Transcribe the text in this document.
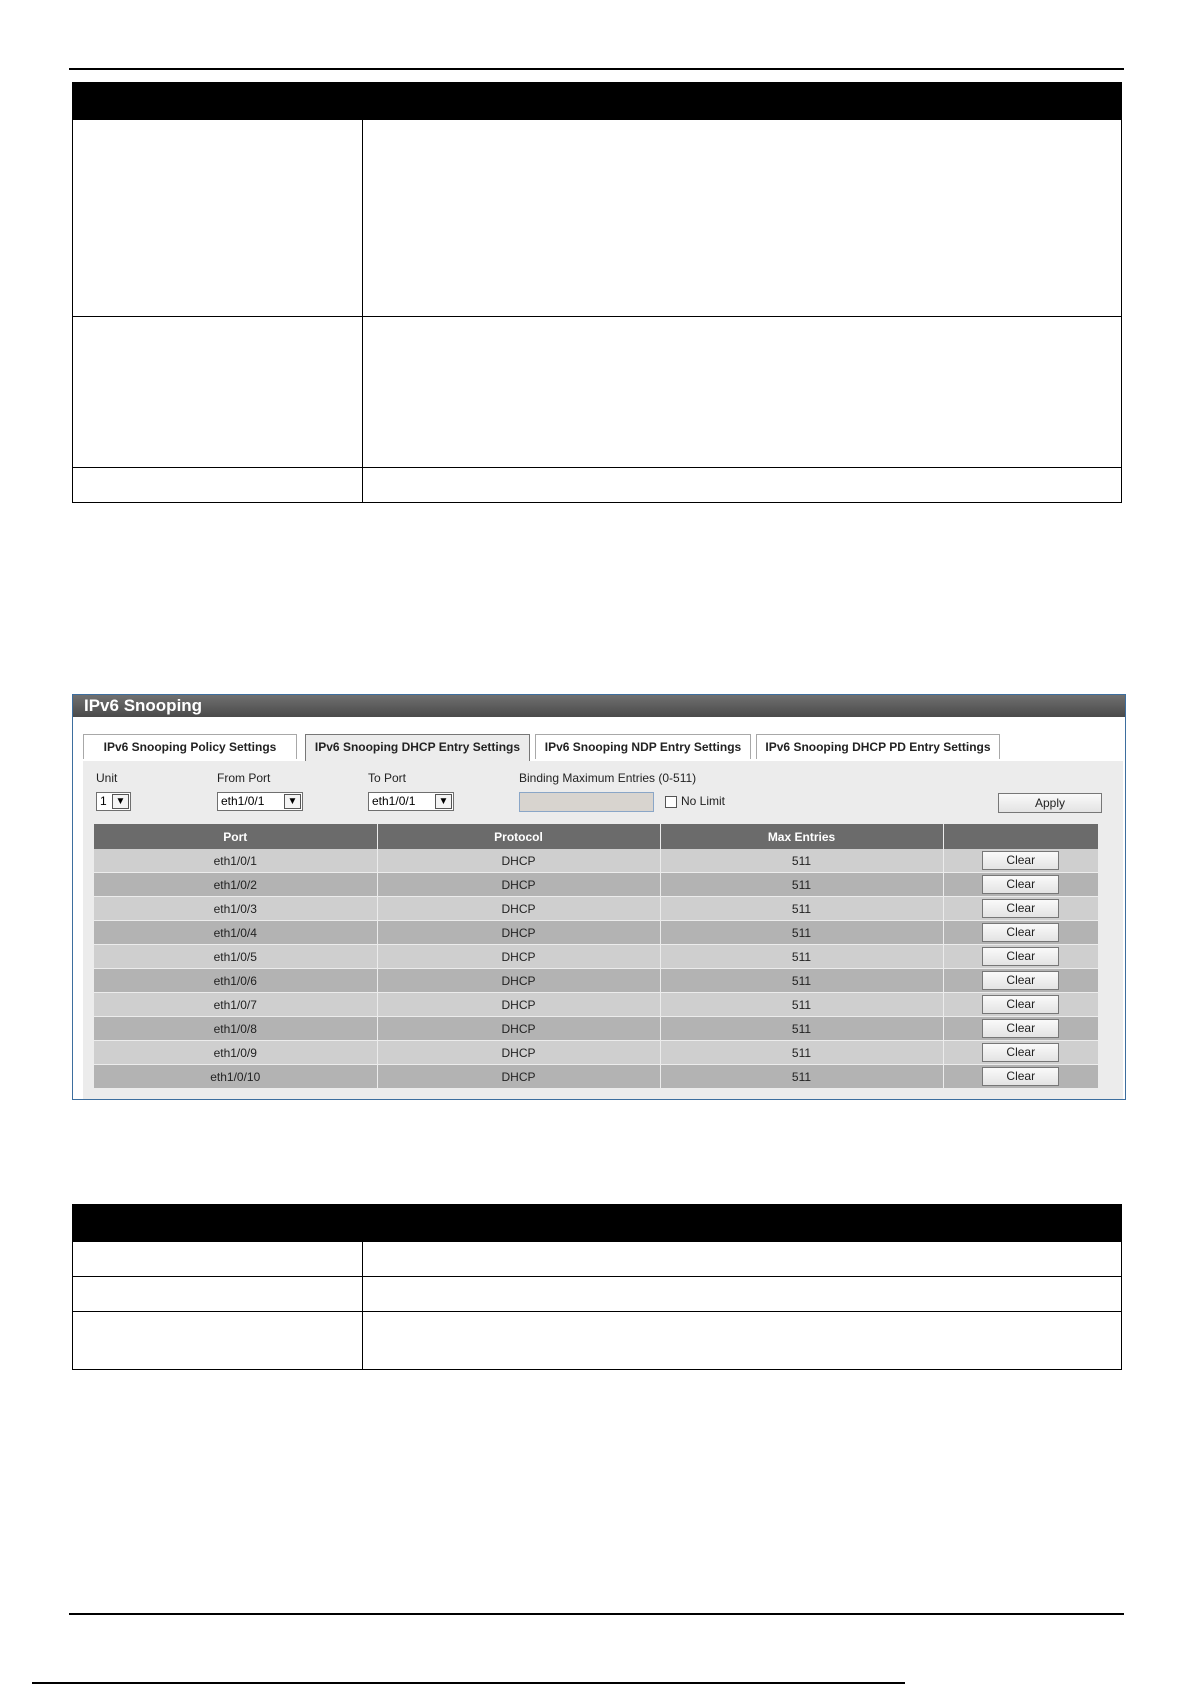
IPv6 Snooping
IPv6 Snooping Policy Settings	IPv6 Snooping DHCP Entry Settings	IPv6 Snooping NDP Entry Settings	IPv6 Snooping DHCP PD Entry Settings
Unit
1 ▼
From Port
eth1/0/1	▼
To Port
eth1/0/1	▼
Binding Maximum Entries (0-511)
No Limit	Apply
Port	Protocol	Max Entries	
eth1/0/1	DHCP	511	Clear
eth1/0/2	DHCP	511	Clear
eth1/0/3	DHCP	511	Clear
eth1/0/4	DHCP	511	Clear
eth1/0/5	DHCP	511	Clear
eth1/0/6	DHCP	511	Clear
eth1/0/7	DHCP	511	Clear
eth1/0/8	DHCP	511	Clear
eth1/0/9	DHCP	511	Clear
eth1/0/10	DHCP	511	Clear
